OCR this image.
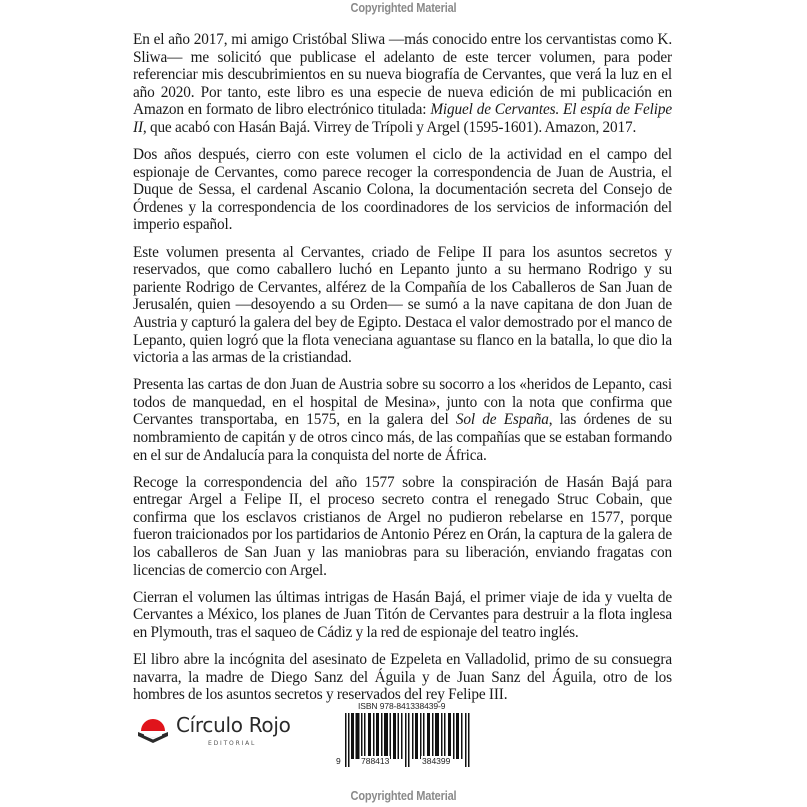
Copyrighted Material

En el año 2017, mi amigo Cristóbal Sliwa —más conocido entre los cervantistas como K. Sliwa— me solicitó que publicase el adelanto de este tercer volumen, para poder referenciar mis descubrimientos en su nueva biografía de Cervantes, que verá la luz en el año 2020. Por tanto, este libro es una especie de nueva edición de mi publicación en Amazon en formato de libro electrónico titulada: Miguel de Cervantes. El espía de Felipe II, que acabó con Hasán Bajá. Virrey de Trípoli y Argel (1595-1601). Amazon, 2017.

Dos años después, cierro con este volumen el ciclo de la actividad en el campo del espionaje de Cervantes, como parece recoger la correspondencia de Juan de Austria, el Duque de Sessa, el cardenal Ascanio Colona, la documentación secreta del Consejo de Órdenes y la correspondencia de los coordinadores de los servicios de información del imperio español.

Este volumen presenta al Cervantes, criado de Felipe II para los asuntos secretos y reservados, que como caballero luchó en Lepanto junto a su hermano Rodrigo y su pariente Rodrigo de Cervantes, alférez de la Compañía de los Caballeros de San Juan de Jerusalén, quien —desoyendo a su Orden— se sumó a la nave capitana de don Juan de Austria y capturó la galera del bey de Egipto. Destaca el valor demostrado por el manco de Lepanto, quien logró que la flota veneciana aguantase su flanco en la batalla, lo que dio la victoria a las armas de la cristiandad.

Presenta las cartas de don Juan de Austria sobre su socorro a los «heridos de Lepanto, casi todos de manquedad, en el hospital de Mesina», junto con la nota que confirma que Cervantes transportaba, en 1575, en la galera del Sol de España, las órdenes de su nombramiento de capitán y de otros cinco más, de las compañías que se estaban formando en el sur de Andalucía para la conquista del norte de África.

Recoge la correspondencia del año 1577 sobre la conspiración de Hasán Bajá para entregar Argel a Felipe II, el proceso secreto contra el renegado Struc Cobain, que confirma que los esclavos cristianos de Argel no pudieron rebelarse en 1577, porque fueron traicionados por los partidarios de Antonio Pérez en Orán, la captura de la galera de los caballeros de San Juan y las maniobras para su liberación, enviando fragatas con licencias de comercio con Argel.

Cierran el volumen las últimas intrigas de Hasán Bajá, el primer viaje de ida y vuelta de Cervantes a México, los planes de Juan Titón de Cervantes para destruir a la flota inglesa en Plymouth, tras el saqueo de Cádiz y la red de espionaje del teatro inglés.

El libro abre la incógnita del asesinato de Ezpeleta en Valladolid, primo de su consuegra navarra, la madre de Diego Sanz del Águila y de Juan Sanz del Águila, otro de los hombres de los asuntos secretos y reservados del rey Felipe III.

Círculo Rojo
EDITORIAL
ISBN 978-841338439-9
9 788413	384399
Copyrighted Material
